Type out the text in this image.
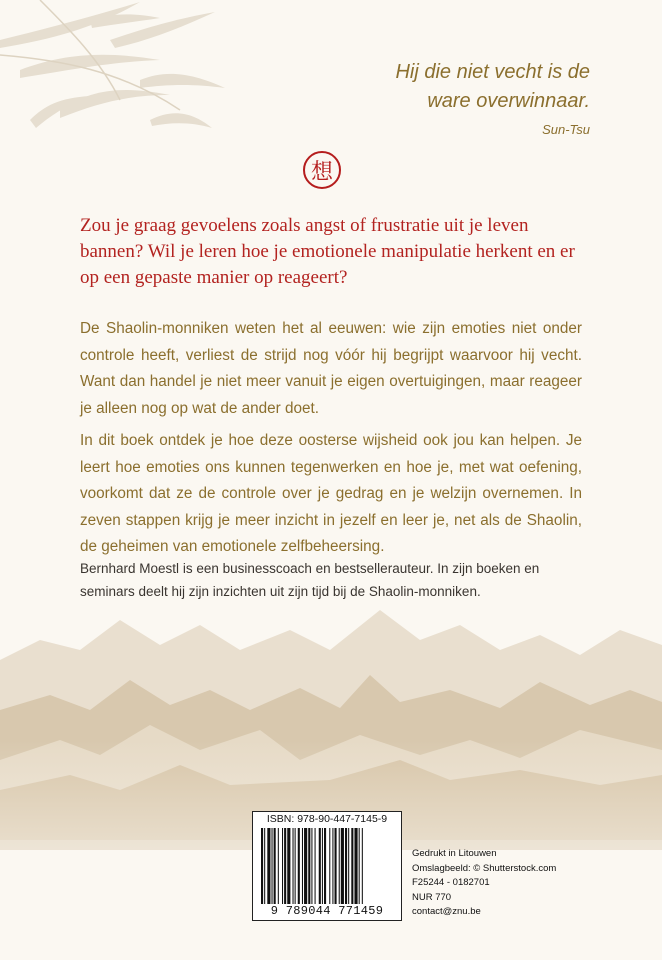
Hij die niet vecht is de
ware overwinnaar.
Sun-Tsu
想

Zou je graag gevoelens zoals angst of frustratie uit je leven bannen? Wil je leren hoe je emotionele manipulatie herkent en er op een gepaste manier op reageert?

De Shaolin-monniken weten het al eeuwen: wie zijn emoties niet onder controle heeft, verliest de strijd nog vóór hij begrijpt waarvoor hij vecht. Want dan handel je niet meer vanuit je eigen overtuigingen, maar reageer je alleen nog op wat de ander doet.

In dit boek ontdek je hoe deze oosterse wijsheid ook jou kan helpen. Je leert hoe emoties ons kunnen tegenwerken en hoe je, met wat oefening, voorkomt dat ze de controle over je gedrag en je welzijn overnemen. In zeven stappen krijg je meer inzicht in jezelf en leer je, net als de Shaolin, de geheimen van emotionele zelfbeheersing.

Bernhard Moestl is een businesscoach en bestsellerauteur. In zijn boeken en seminars deelt hij zijn inzichten uit zijn tijd bij de Shaolin-monniken.

ISBN: 978-90-447-7145-9
9 789044 771459
Gedrukt in Litouwen
Omslagbeeld: © Shutterstock.com
F25244 - 0182701
NUR 770
contact@znu.be
